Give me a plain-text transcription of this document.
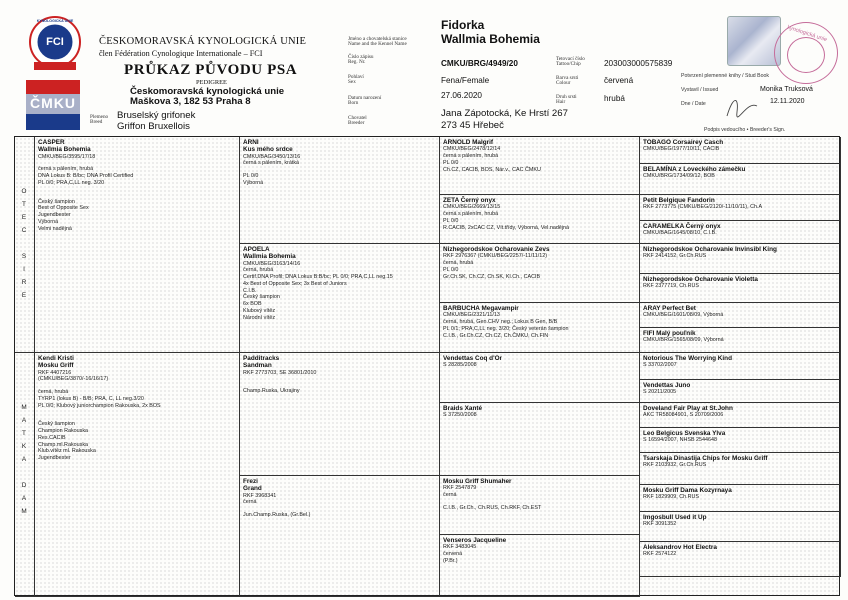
FCI
KYNOLOGICKÁ UNIE
ČMKU
ČESKOMORAVSKÁ KYNOLOGICKÁ UNIE
člen Fédération Cynologique Internationale – FCI
PRŮKAZ PŮVODU PSA
PEDIGREE
Českomoravská kynologická unie
Maškova 3, 182 53 Praha 8
Plemeno
Breed
Bruselský grifonek
Griffon Bruxellois
Jméno a chovatelská stanice
Name and the Kennel Name
Číslo zápisu
Reg. Nr.
Pohlaví
Sex
Datum narození
Born
Chovatel
Breeder
Fidorka
Wallmia Bohemia
CMKU/BRG/4949/20
Fena/Female
27.06.2020
Jana Zápotocká, Ke Hrstí 267
273 45 Hřebeč
Tetovací číslo
Tattoo/Chip
Barva srsti
Colour
Druh srsti
Hair
203003000575839
červená
hrubá
kynologická unie
Potvrzení plemenné knihy / Stud Book
Vystavil / Issued	Monika Truksová
Dne / Date	12.11.2020
Podpis vedoucího • Breeder's Sign.
O
T
E
C
S
I
R
E
M
A
T
K
A
D
A
M
CASPER
Wallmia Bohemia
CMKU/BEG/3595/17/18
černá s pálením, hrubá
DNA Lokus B: B/bc; DNA Profil Certified
PL 0/0; PRA,C,LL neg. 3/20
Český šampion
Best of Opposite Sex
Jugendbester
Výborná
Velmi nadějná
Kendi Kristi
Mosku Griff
RKF 4407216
(CMKU/BEG/3870/-16/16/17)
černá, hrubá
TYRP1 (lokus B) - B/B; PRA, C, LL neg.3/20
PL 0/0; Klubový juniorchampion Rakouska, 2x BOS
Český šampion
Champion Rakouska
Res.CACIB
Champ.ml.Rakouska
Klub.vítěz ml. Rakouska
Jugendbester
ARNI
Kus mého srdce
CMKU/BAG/3450/13/16
černá s pálením, krátká
PL 0/0
Výborná
APOELA
Wallmia Bohemia
CMKU/BEG/3163/14/16
černá, hrubá
Certif.DNA Profil; DNA Lokus B:B/bc; PL 0/0; PRA,C,LL neg.15
4x Best of Opposite Sex; 3x Best of Juniors
C.I.B.
Český šampion
6x BOB
Klubový vítěz
Národní vítěz
Padditracks
Sandman
RKF 2773703, SE 36801/2010
Champ.Ruska, Ukrajiny
Frezi
Grand
RKF 3968341
černá
Jun.Champ.Ruska, (Gr.Bel.)
ARNOLD Malgrif
CMKU/BEG/2478/12/14
černá s pálením, hrubá
PL 0/0
Ch.CZ, CACIB, BOS, Nár.v., CAC ČMKU
ZETA Černý onyx
CMKU/BEG/2669/13/15
černá s pálením, hrubá
PL 0/0
R.CACIB, 2xCAC CZ, Vít.třídy, Výborná, Vel.nadějná
Nizhegorodskoe Ocharovanie Zevs
RKF 2976367 (CMKU/BEG/2257/-11/11/12)
černá, hrubá
PL 0/0
Gr.Ch.SK, Ch.CZ, Ch.SK, Kl.Ch., CACIB
BARBUCHA Megavampir
CMKU/BEG/2321/11/13
černá, hrubá, Gen.CHV neg.; Lokus B Gen, B/B
PL 0/1; PRA,C,LL neg. 3/20; Český veterán šampion
C.I.B., Gr.Ch.CZ, Ch.CZ, Ch.ČMKU, Ch.FIN
Vendettas Coq d'Or
S 28285/2008
Braids Xanté
S 37250/2008
Mosku Griff Shumaher
RKF 2547879
černá
C.I.B., Gr.Ch., Ch.RUS, Ch.RKF, Ch.EST
Venseros Jacqueline
RKF 3483045
červená
(P.Br.)
TOBAGO Corsairey Casch
CMKU/BEG/1977/10/11, CACIB
BELAMÍNA z Loveckého zámečku
CMKU/BRG/1734/09/12, BOB
Petit Belgique Fandorin
RKF 2773775 (CMKU/BEG/2120/-11/10/11), Ch.A
CARAMELKA Černý onyx
CMKU/BAG/1645/08/10, C.I.B.
Nizhegorodskoe Ocharovanie Invinsibl King
RKF 2414152, Gr.Ch.RUS
Nizhegorodskoe Ocharovanie Violetta
RKF 2377719, Ch.RUS
ARAY Perfect Bet
CMKU/BEG/1601/08/09, Výborná
FIFI Malý pouľník
CMKU/BRG/1565/08/09, Výborná
Notorious The Worrying Kind
S 33702/2007
Vendettas Juno
S 20211/2005
Doveland Fair Play at St.John
AKC TR58084901, S 20709/2006
Leo Belgicus Svenska Ylva
S 16594/2007, NHSB 2544648
Tsarskaja Dinastija Chips for Mosku Griff
RKF 2103932, Gr.Ch.RUS
Mosku Griff Dama Kozyrnaya
RKF 1829909, Ch.RUS
Imgosbull Used it Up
RKF 3091352
Aleksandrov Hot Electra
RKF 2574122
